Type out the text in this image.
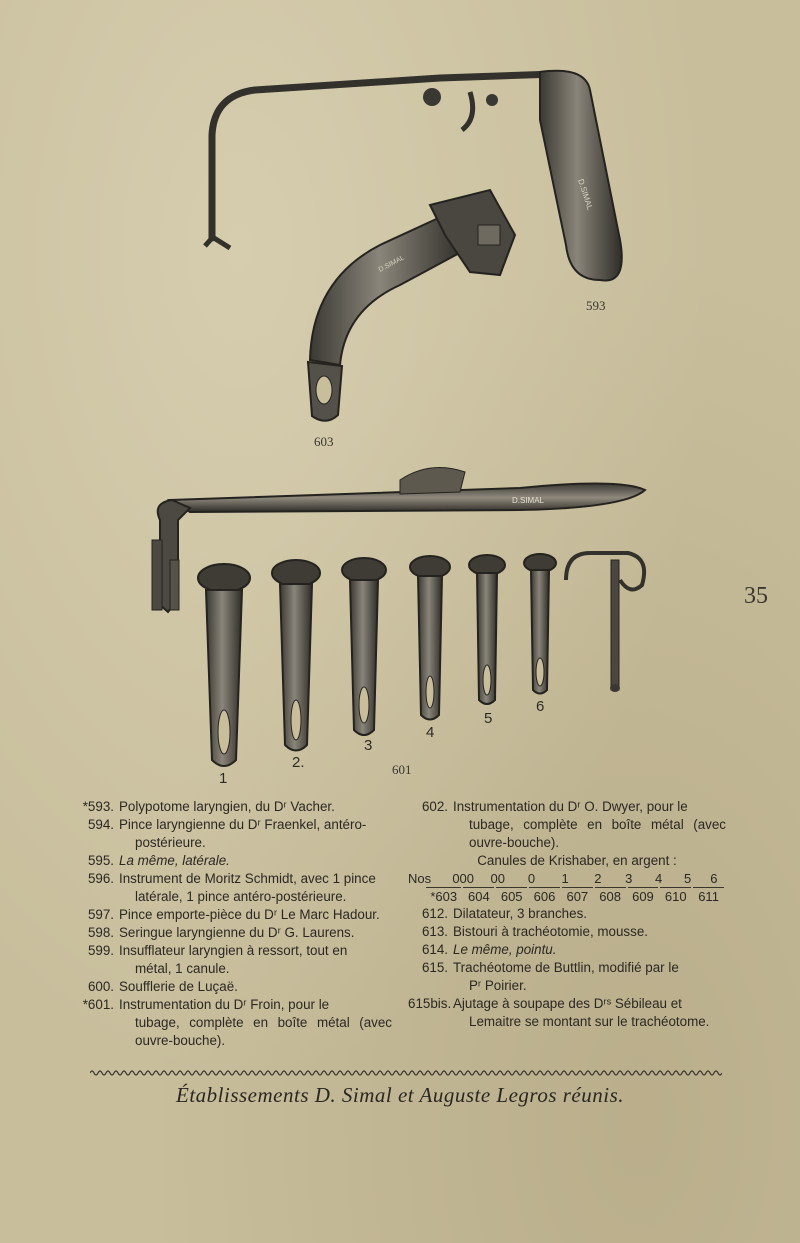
D.SIMAL
D.SIMAL
D.SIMAL
593
603
601
1
2.
3
4
5
6
35
*593. Polypotome laryngien, du Dʳ Vacher.
594. Pince laryngienne du Dʳ Fraenkel, antéro-
postérieure.
595. La même, latérale.
596. Instrument de Moritz Schmidt, avec 1 pince
latérale, 1 pince antéro-postérieure.
597. Pince emporte-pièce du Dʳ Le Marc Hadour.
598. Seringue laryngienne du Dʳ G. Laurens.
599. Insufflateur laryngien à ressort, tout en
métal, 1 canule.
600. Soufflerie de Luçaë.
*601. Instrumentation du Dʳ Froin, pour le
tubage, complète en boîte métal (avec ouvre-bouche).
602. Instrumentation du Dʳ O. Dwyer, pour le
tubage, complète en boîte métal (avec ouvre-bouche).
Canules de Krishaber, en argent :
Nos	000	00	0	1	2	3	4	5	6
*603 604 605 606 607 608 609 610 611
612. Dilatateur, 3 branches.
613. Bistouri à trachéotomie, mousse.
614. Le même, pointu.
615. Trachéotome de Buttlin, modifié par le
Pʳ Poirier.
615bis. Ajutage à soupape des Dʳˢ Sébileau et
Lemaitre se montant sur le trachéotome.
Établissements D. Simal et Auguste Legros réunis.
